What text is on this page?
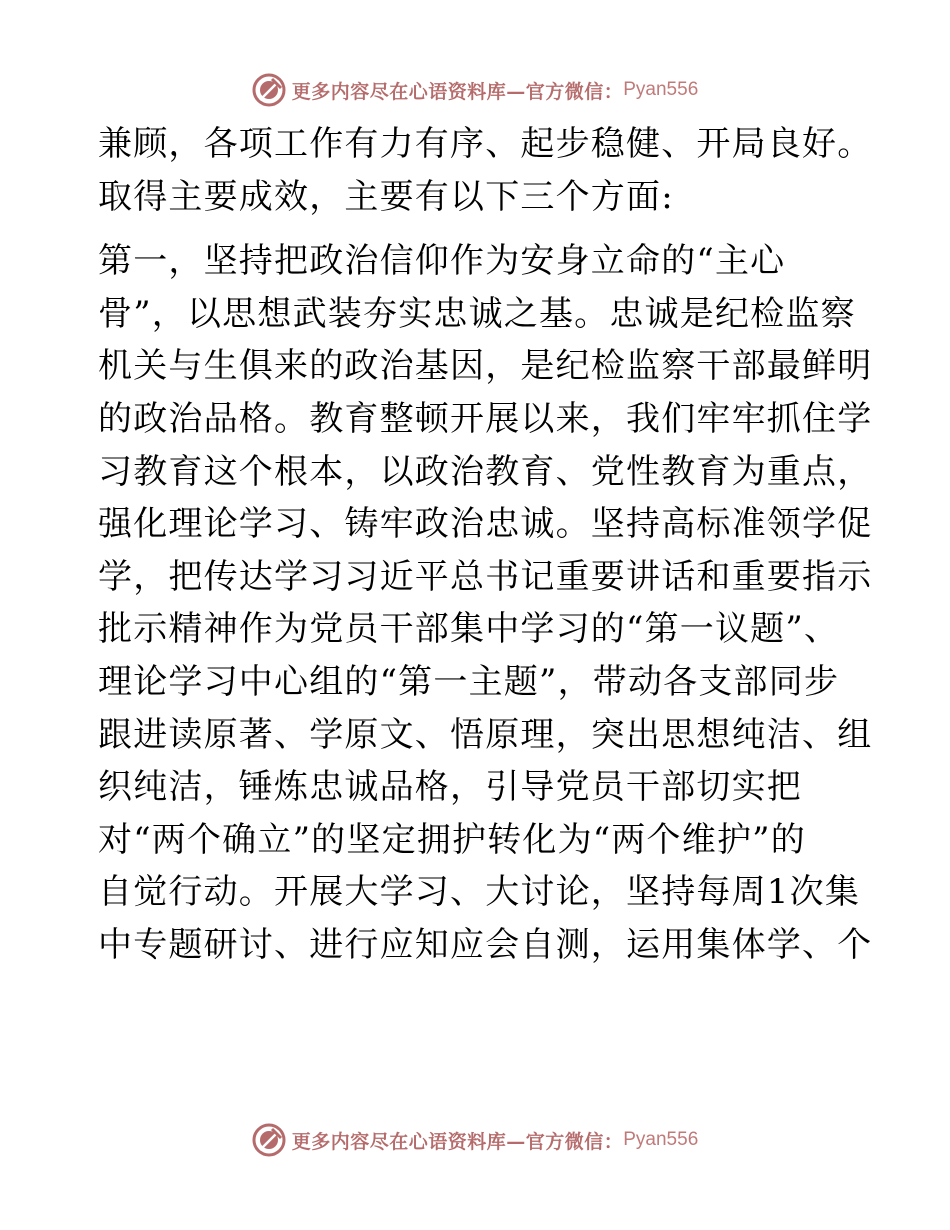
更多内容尽在心语资料库—官方微信： Pyan556
兼顾，各项工作有力有序、起步稳健、开局良好。
取得主要成效，主要有以下三个方面:
第一，坚持把政治信仰作为安身立命的“主心
骨”，以思想武装夯实忠诚之基。忠诚是纪检监察
机关与生俱来的政治基因，是纪检监察干部最鲜明
的政治品格。教育整顿开展以来，我们牢牢抓住学
习教育这个根本，以政治教育、党性教育为重点，
强化理论学习、铸牢政治忠诚。坚持高标准领学促
学，把传达学习习近平总书记重要讲话和重要指示
批示精神作为党员干部集中学习的“第一议题”、
理论学习中心组的“第一主题”，带动各支部同步
跟进读原著、学原文、悟原理，突出思想纯洁、组
织纯洁，锤炼忠诚品格，引导党员干部切实把
对“两个确立”的坚定拥护转化为“两个维护”的
自觉行动。开展大学习、大讨论，坚持每周1次集
中专题研讨、进行应知应会自测，运用集体学、个
更多内容尽在心语资料库—官方微信： Pyan556
